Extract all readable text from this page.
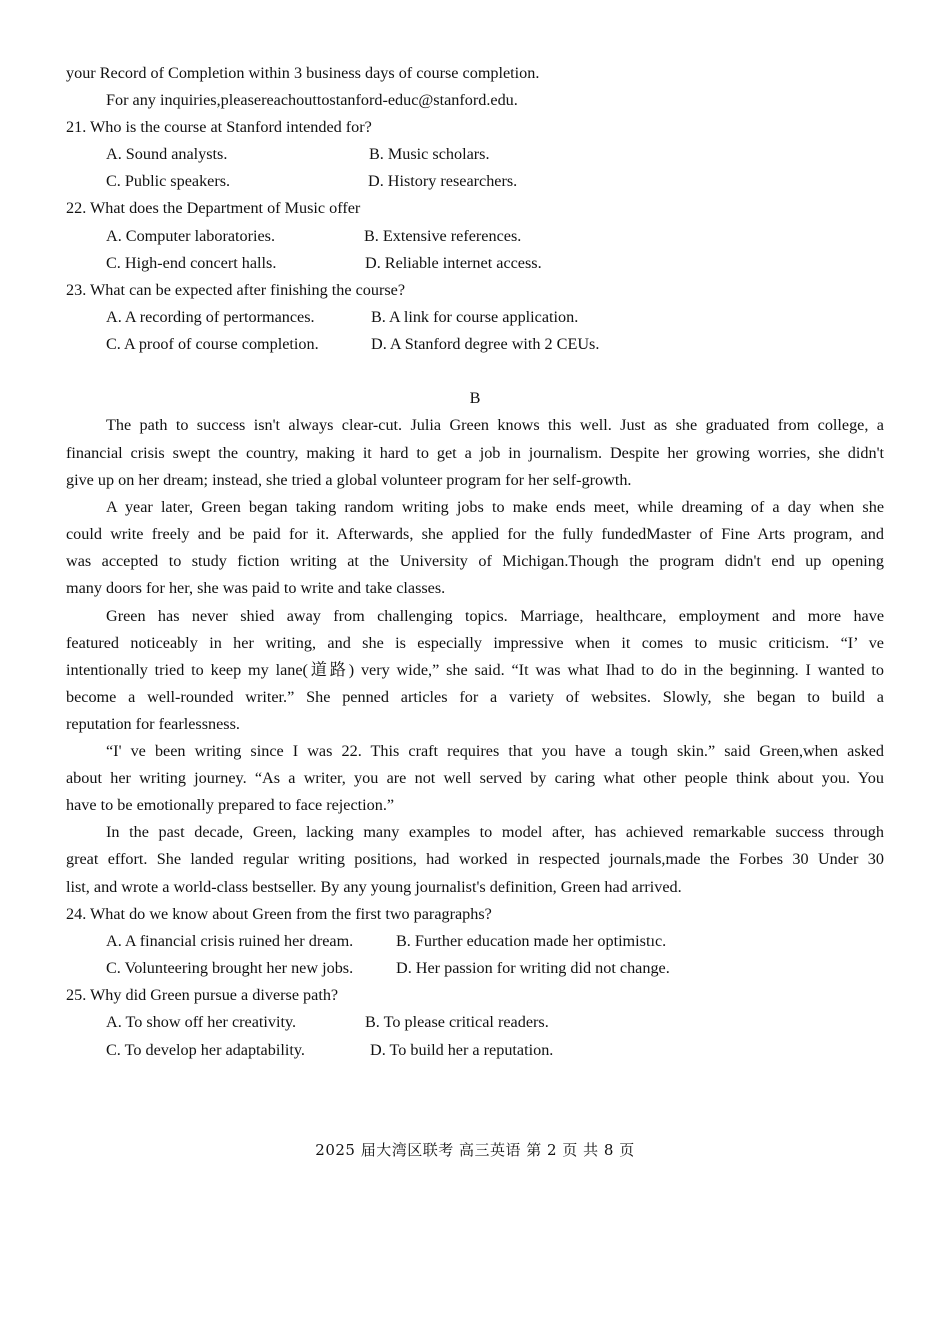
your Record of Completion within 3 business days of course completion.
For any inquiries,pleasereachouttostanford-educ@stanford.edu.
21. Who is the course at Stanford intended for?
A. Sound analysts.	B. Music scholars.
C. Public speakers.	D. History researchers.
22. What does the Department of Music offer
A. Computer laboratories.	B. Extensive references.
C. High-end concert halls.	D. Reliable internet access.
23. What can be expected after finishing the course?
A. A recording of pertormances.	B. A link for course application.
C. A proof of course completion.	D. A Stanford degree with 2 CEUs.
B
The path to success isn't always clear-cut. Julia Green knows this well. Just as she graduated from college, a
financial crisis swept the country, making it hard to get a job in journalism. Despite her growing worries, she didn't
give up on her dream; instead, she tried a global volunteer program for her self-growth.
A year later, Green began taking random writing jobs to make ends meet, while dreaming of a day when she
could write freely and be paid for it. Afterwards, she applied for the fully fundedMaster of Fine Arts program, and
was accepted to study fiction writing at the University of Michigan.Though the program didn't end up opening
many doors for her, she was paid to write and take classes.
Green has never shied away from challenging topics. Marriage, healthcare, employment and more have
featured noticeably in her writing, and she is especially impressive when it comes to music criticism. “I’ ve
intentionally tried to keep my lane(道路) very wide,” she said. “It was what Ihad to do in the beginning. I wanted to
become a well-rounded writer.” She penned articles for a variety of websites. Slowly, she began to build a
reputation for fearlessness.
“I' ve been writing since I was 22. This craft requires that you have a tough skin.” said Green,when asked
about her writing journey. “As a writer, you are not well served by caring what other people think about you. You
have to be emotionally prepared to face rejection.”
In the past decade, Green, lacking many examples to model after, has achieved remarkable success through
great effort. She landed regular writing positions, had worked in respected journals,made the Forbes 30 Under 30
list, and wrote a world-class bestseller. By any young journalist's definition, Green had arrived.
24. What do we know about Green from the first two paragraphs?
A. A financial crisis ruined her dream.	B. Further education made her optimistıc.
C. Volunteering brought her new jobs.	D. Her passion for writing did not change.
25. Why did Green pursue a diverse path?
A. To show off her creativity.	B. To please critical readers.
C. To develop her adaptability.	D. To build her a reputation.
2025 届大湾区联考 高三英语 第 2 页 共 8 页
